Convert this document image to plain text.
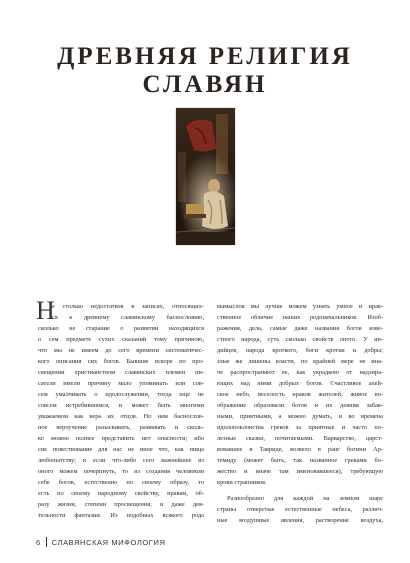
ДРЕВНЯЯ РЕЛИГИЯ
СЛАВЯН
Н
е столько недостатков в записях, относящих-
ся к древнему славянскому баснословию,
сколько не старание о развитии находящихся
о сем предмете сухих сказаний тому причиною,
что мы не имеем до сего времени систематичес-
кого описания сих богов. Бывшие вскоре по про-
свещении христианством славянских племен пи-
сатели имели причину мало упоминать или сов-
сем умалчивать о идолослужении, тогда еще не
совсем истребившемся, и может быть многими
уважаемом как вера их отцов. Но нам баснослов-
ное вероучение разыскивать, развивать и сколь-
ко можно полнее представить нет опасности; ибо
сие повествование для нас не иное что, как пища
любопытству; и если что-либо сего важнейшее из
оного можем почерпнуть, то из создания человеком
себе богов, естественно по своему образу, то
есть по своему народному свойству, нравам, об-
разу жизни, степени просвещения, и даже дея-
тельности фантазии. Из подобных всякого рода
вымыслов мы лучше можем узнать умное и нрав-
ственное обличие наших родоначальников. Изоб-
ражения, дела, самые даже названия богов изве-
стного народа, суть сколько свойств оного. У ин-
дийцев, народа кроткого, боги кротки и добры;
злые же лишены власти, по крайней мере не ина-
че распространяют ее, как украдкою от надзира-
ющих над ними добрых богов. Счастливое ахей-
ское небо, веселость нравов жителей, живое во-
ображение образовали богов и их деяния забав-
ными, приятными, а можно думать, и во времена
идолопоклонства греков за приятные и часто по-
лезные сказки, почитаемыми. Варварство, царст-
вовавшее в Тавриде, возвело в ранг богини Ар-
темиду (может быть, так названное греками бо-
жество и иначе там именовавшееся), требующую
крови странников.
Разнообразно для каждой на земном шаре
страны отверстые естественные небеса, различ-
ные воздушные явления, растворение воздуха,
6 СЛАВЯНСКАЯ МИФОЛОГИЯ
